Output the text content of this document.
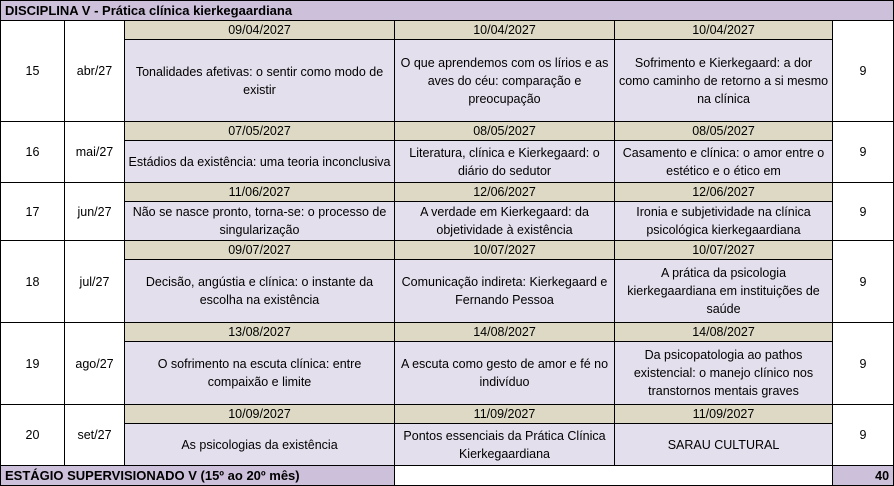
DISCIPLINA V - Prática clínica kierkegaardiana					
15	abr/27	09/04/2027	10/04/2027	10/04/2027	9

		Tonalidades afetivas: o sentir como modo de existir	O que aprendemos com os lírios e as aves do céu: comparação e preocupação	Sofrimento e Kierkegaard: a dor como caminho de retorno a si mesmo na clínica	

16	mai/27	07/05/2027	08/05/2027	08/05/2027	9

		Estádios da existência: uma teoria inconclusiva	Literatura, clínica e Kierkegaard: o diário do sedutor	Casamento e clínica: o amor entre o estético e o ético em	

17	jun/27	11/06/2027	12/06/2027	12/06/2027	9

		Não se nasce pronto, torna-se: o processo de singularização	A verdade em Kierkegaard: da objetividade à existência	Ironia e subjetividade na clínica psicológica kierkegaardiana	

18	jul/27	09/07/2027	10/07/2027	10/07/2027	9

		Decisão, angústia e clínica: o instante da escolha na existência	Comunicação indireta: Kierkegaard e Fernando Pessoa	A prática da psicologia kierkegaardiana em instituições de saúde	

19	ago/27	13/08/2027	14/08/2027	14/08/2027	9

		O sofrimento na escuta clínica: entre compaixão e limite	A escuta como gesto de amor e fé no indivíduo	Da psicopatologia ao pathos existencial: o manejo clínico nos transtornos mentais graves	

20	set/27	10/09/2027	11/09/2027	11/09/2027	9

		As psicologias da existência	Pontos essenciais da Prática Clínica Kierkegaardiana	SARAU CULTURAL	

ESTÁGIO SUPERVISIONADO V (15º ao 20º mês)					40
